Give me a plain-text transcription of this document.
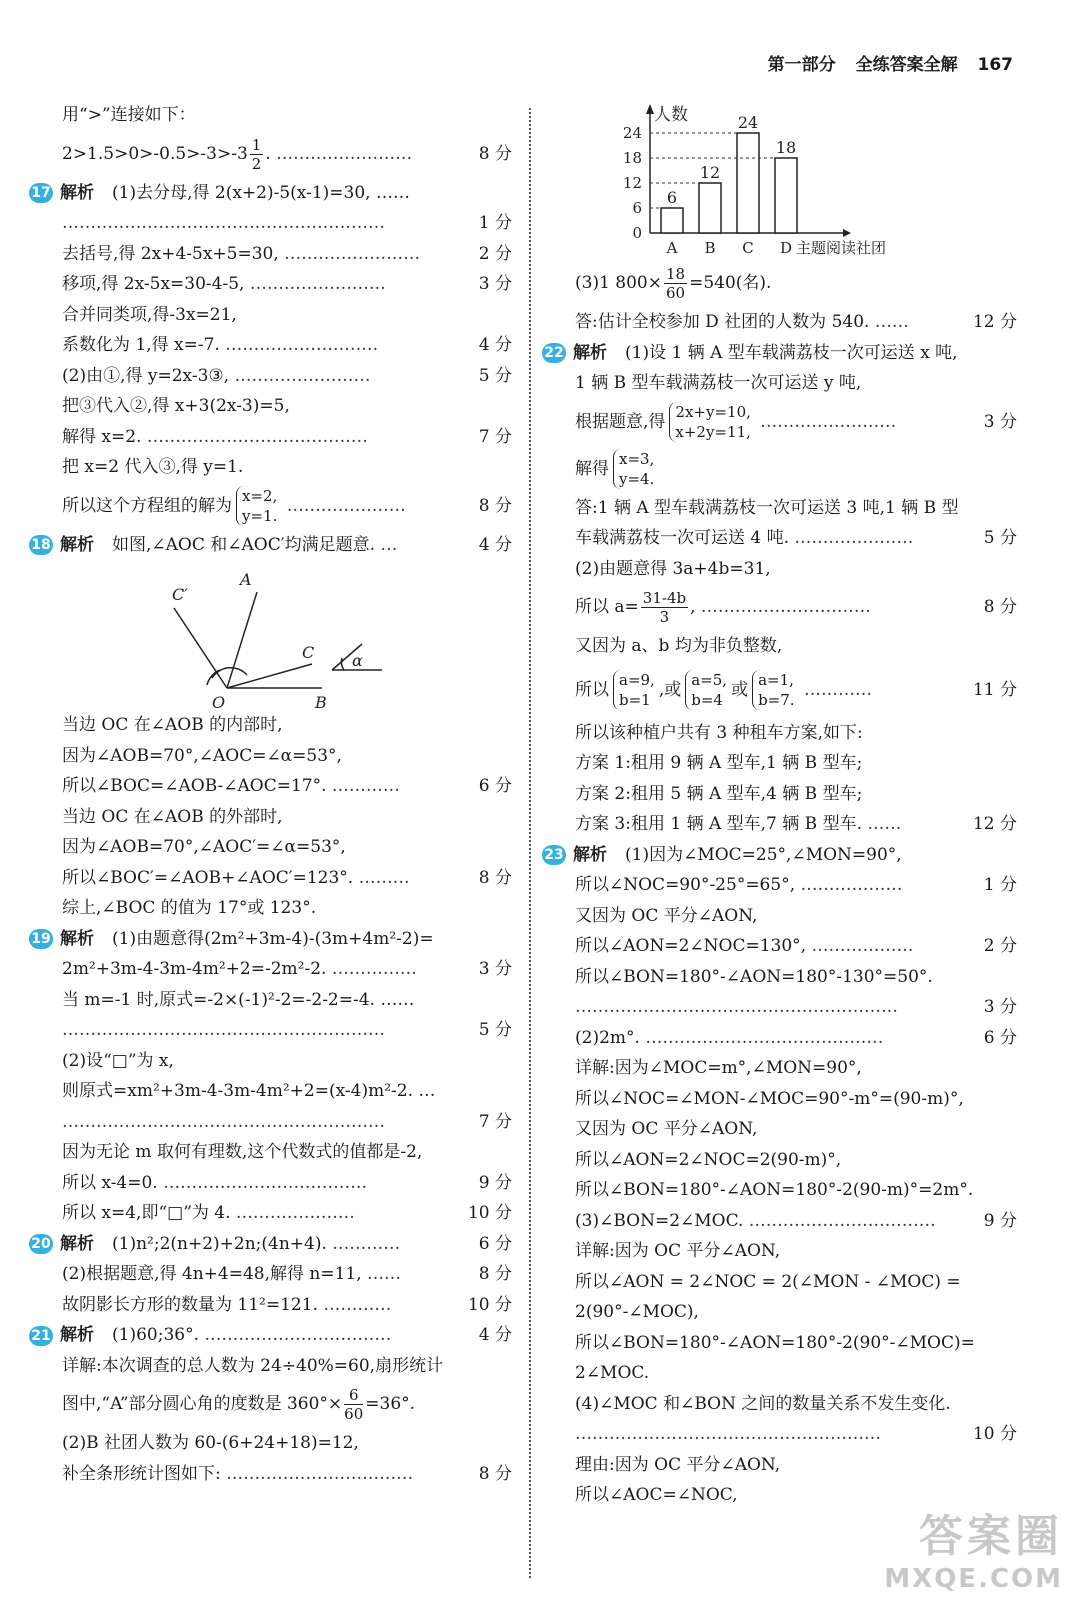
第一部分 全练答案全解 167
用“>”连接如下：
$2>1.5>0>-0.5>-3>-3 \frac{1}{2}$ . ……………………	8 分
17 解析 (1)去分母,得 2(x+2)-5(x-1)=30, ……
…………………………………………………	1 分
去括号,得 2x+4-5x+5=30, ……………………	2 分
移项,得 2x-5x=30-4-5, ……………………	3 分
合并同类项,得-3x=21,
系数化为 1,得 x=-7. ………………………	4 分
(2)由①,得 y=2x-3③, ……………………	5 分
把③代入②,得 x+3(2x-3)=5,
解得 x=2. …………………………………	7 分
把 x=2 代入③,得 y=1.
所以这个方程组的解为 x=2,
y=1.
…………………	8 分
18 解析 如图,∠AOC 和∠AOC′均满足题意. …	4 分
C′
A
C
O	B
α
当边 OC 在∠AOB 的内部时,
因为∠AOB=70°,∠AOC=∠α=53°,
所以∠BOC=∠AOB-∠AOC=17°. …………	6 分
当边 OC 在∠AOB 的外部时,
因为∠AOB=70°,∠AOC′=∠α=53°,
所以∠BOC′=∠AOB+∠AOC′=123°. ………	8 分
综上,∠BOC 的值为 17°或 123°.
19 解析 (1)由题意得(2m²+3m-4)-(3m+4m²-2)=
2m²+3m-4-3m-4m²+2=-2m²-2. ……………	3 分
当 m=-1 时,原式=-2×(-1)²-2=-2-2=-4. ……
…………………………………………………	5 分
(2)设“□”为 x,
则原式=xm²+3m-4-3m-4m²+2=(x-4)m²-2. …
…………………………………………………	7 分
因为无论 m 取何有理数,这个代数式的值都是-2,
所以 x-4=0. ………………………………	9 分
所以 x=4,即“□”为 4. …………………	10 分
20 解析 (1)n²;2(n+2)+2n;(4n+4). …………	6 分
(2)根据题意,得 4n+4=48,解得 n=11, ……	8 分
故阴影长方形的数量为 11²=121. …………	10 分
21 解析 (1)60;36°. ……………………………	4 分
详解:本次调查的总人数为 24÷40%=60,扇形统计
图中,“A”部分圆心角的度数是 $360^\circ\times \frac{6}{60} =36^\circ$.
(2)B 社团人数为 60-(6+24+18)=12,
补全条形统计图如下: ……………………………	8 分
人数
0
6
12
18
24
6
A
12
B
24
C
18
D 主题阅读社团
(3)1 $800\times \frac{18}{60} =540$(名).
答:估计全校参加 D 社团的人数为 540. ……	12 分
22 解析 (1)设 1 辆 A 型车载满荔枝一次可运送 x 吨,
1 辆 B 型车载满荔枝一次可运送 y 吨,
根据题意,得 2x+y=10,
x+2y=11,
……………………	3 分
解得 x=3,
y=4.
答:1 辆 A 型车载满荔枝一次可运送 3 吨,1 辆 B 型
车载满荔枝一次可运送 4 吨. …………………	5 分
(2)由题意得 3a+4b=31,
所以 $a= \frac{31-4b}{3}$ , …………………………	8 分
又因为 a、b 均为非负整数,
所以 a=9,
b=1
,或 a=5,
b=4
或 a=1,
b=7.
…………	11 分
所以该种植户共有 3 种租车方案,如下:
方案 1:租用 9 辆 A 型车,1 辆 B 型车;
方案 2:租用 5 辆 A 型车,4 辆 B 型车;
方案 3:租用 1 辆 A 型车,7 辆 B 型车. ……	12 分
23 解析 (1)因为∠MOC=25°,∠MON=90°,
所以∠NOC=90°-25°=65°, ………………	1 分
又因为 OC 平分∠AON,
所以∠AON=2∠NOC=130°, ………………	2 分
所以∠BON=180°-∠AON=180°-130°=50°.
…………………………………………………	3 分
(2)2m°. ……………………………………	6 分
详解:因为∠MOC=m°,∠MON=90°,
所以∠NOC=∠MON-∠MOC=90°-m°=(90-m)°,
又因为 OC 平分∠AON,
所以∠AON=2∠NOC=2(90-m)°,
所以∠BON=180°-∠AON=180°-2(90-m)°=2m°.
(3)∠BON=2∠MOC. ……………………………	9 分
详解:因为 OC 平分∠AON,
所以∠AON = 2∠NOC = 2(∠MON - ∠MOC) =
2(90°-∠MOC),
所以∠BON=180°-∠AON=180°-2(90°-∠MOC)=
2∠MOC.
(4)∠MOC 和∠BON 之间的数量关系不发生变化.
………………………………………………	10 分
理由:因为 OC 平分∠AON,
所以∠AOC=∠NOC,
答案圈
MXQE.COM
